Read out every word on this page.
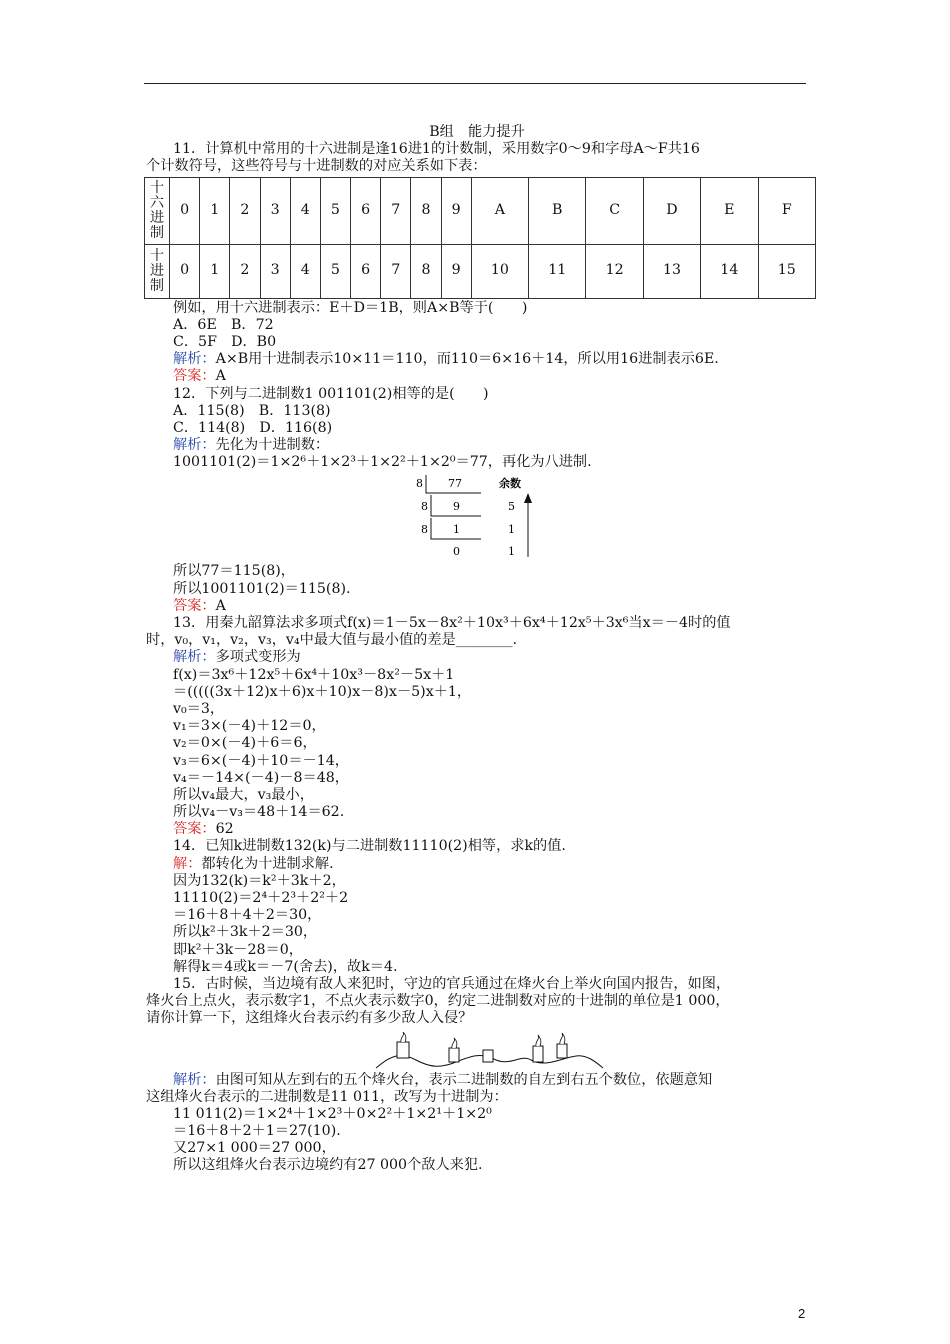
B组　能力提升
11．计算机中常用的十六进制是逢16进1的计数制，采用数字0～9和字母A～F共16
个计数符号，这些符号与十进制数的对应关系如下表：
十
六
进
制	0	1	2	3	4	5	6	7	8	9	A	B	C	D	E	F
十
进
制	0	1	2	3	4	5	6	7	8	9	10	11	12	13	14	15
例如，用十六进制表示：E＋D＝1B，则A×B等于(　　)
A．6E　B．72
C．5F　D．B0
解析：A×B用十进制表示10×11＝110，而110＝6×16＋14，所以用16进制表示6E.
答案：A
12．下列与二进制数1 001101(2)相等的是(　　)
A．115(8)　B．113(8)
C．114(8)　D．116(8)
解析：先化为十进制数：
1001101(2)＝1×2⁶＋1×2³＋1×2²＋1×2⁰＝77，再化为八进制.
8
8
8
77
9
1
0
余数
5
1
1
所以77＝115(8)，
所以1001101(2)＝115(8).
答案：A
13．用秦九韶算法求多项式f(x)＝1－5x－8x²＋10x³＋6x⁴＋12x⁵＋3x⁶当x＝－4时的值
时，v₀，v₁，v₂，v₃，v₄中最大值与最小值的差是________.
解析：多项式变形为
f(x)＝3x⁶＋12x⁵＋6x⁴＋10x³－8x²－5x＋1
＝(((((3x＋12)x＋6)x＋10)x－8)x－5)x＋1，
v₀＝3，
v₁＝3×(－4)＋12＝0，
v₂＝0×(－4)＋6＝6，
v₃＝6×(－4)＋10＝－14，
v₄＝－14×(－4)－8＝48，
所以v₄最大，v₃最小，
所以v₄－v₃＝48＋14＝62.
答案：62
14．已知k进制数132(k)与二进制数11110(2)相等，求k的值.
解：都转化为十进制求解.
因为132(k)＝k²＋3k＋2，
11110(2)＝2⁴＋2³＋2²＋2
＝16＋8＋4＋2＝30，
所以k²＋3k＋2＝30，
即k²＋3k－28＝0，
解得k＝4或k＝－7(舍去)，故k＝4.
15．古时候，当边境有敌人来犯时，守边的官兵通过在烽火台上举火向国内报告，如图，
烽火台上点火，表示数字1，不点火表示数字0，约定二进制数对应的十进制的单位是1 000，
请你计算一下，这组烽火台表示约有多少敌人入侵？
解析：由图可知从左到右的五个烽火台，表示二进制数的自左到右五个数位，依题意知
这组烽火台表示的二进制数是11 011，改写为十进制为：
11 011(2)＝1×2⁴＋1×2³＋0×2²＋1×2¹＋1×2⁰
＝16＋8＋2＋1＝27(10).
又27×1 000＝27 000，
所以这组烽火台表示边境约有27 000个敌人来犯.
2
